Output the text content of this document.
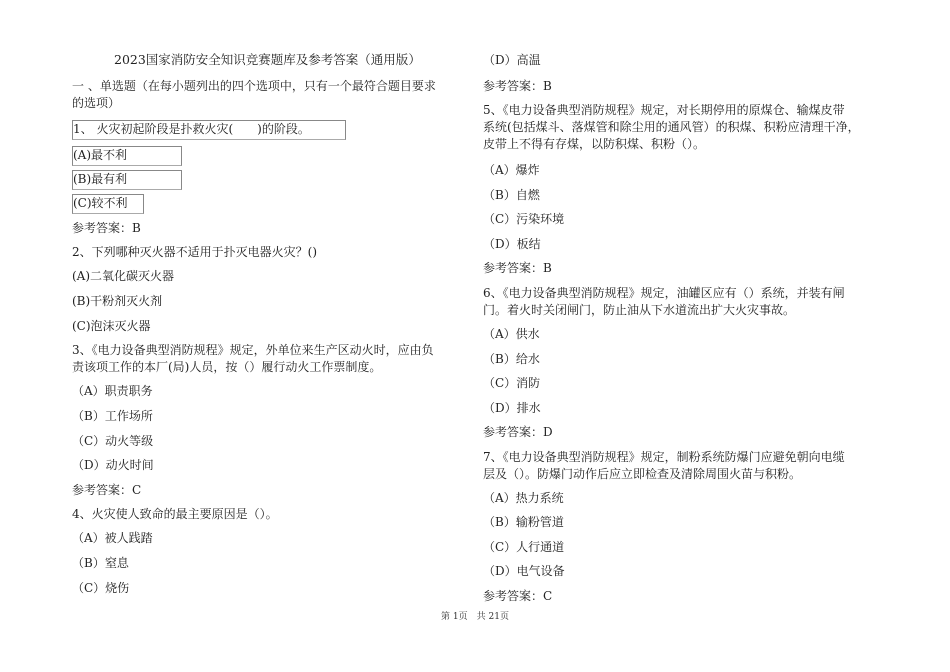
2023国家消防安全知识竞赛题库及参考答案（通用版）
一 、单选题（在每小题列出的四个选项中，只有一个最符合题目要求
的选项）
1、 火灾初起阶段是扑救火灾(　　)的阶段。
(A)最不利
(B)最有利
(C)较不利
参考答案：B
2、下列哪种灭火器不适用于扑灭电器火灾？()
(A)二氧化碳灭火器
(B)干粉剂灭火剂
(C)泡沫灭火器
3、《电力设备典型消防规程》规定，外单位来生产区动火时，应由负
责该项工作的本厂(局)人员，按（）履行动火工作票制度。
（A）职责职务
（B）工作场所
（C）动火等级
（D）动火时间
参考答案：C
4、火灾使人致命的最主要原因是（）。
（A）被人践踏
（B）窒息
（C）烧伤
（D）高温
参考答案：B
5、《电力设备典型消防规程》规定，对长期停用的原煤仓、输煤皮带
系统(包括煤斗、落煤管和除尘用的通风管）的积煤、积粉应清理干净，
皮带上不得有存煤，以防积煤、积粉（）。
（A）爆炸
（B）自燃
（C）污染环境
（D）板结
参考答案：B
6、《电力设备典型消防规程》规定，油罐区应有（）系统，并装有闸
门。着火时关闭闸门，防止油从下水道流出扩大火灾事故。
（A）供水
（B）给水
（C）消防
（D）排水
参考答案：D
7、《电力设备典型消防规程》规定，制粉系统防爆门应避免朝向电缆
层及（）。防爆门动作后应立即检查及清除周围火苗与积粉。
（A）热力系统
（B）输粉管道
（C）人行通道
（D）电气设备
参考答案：C
第 1页　共 21页
